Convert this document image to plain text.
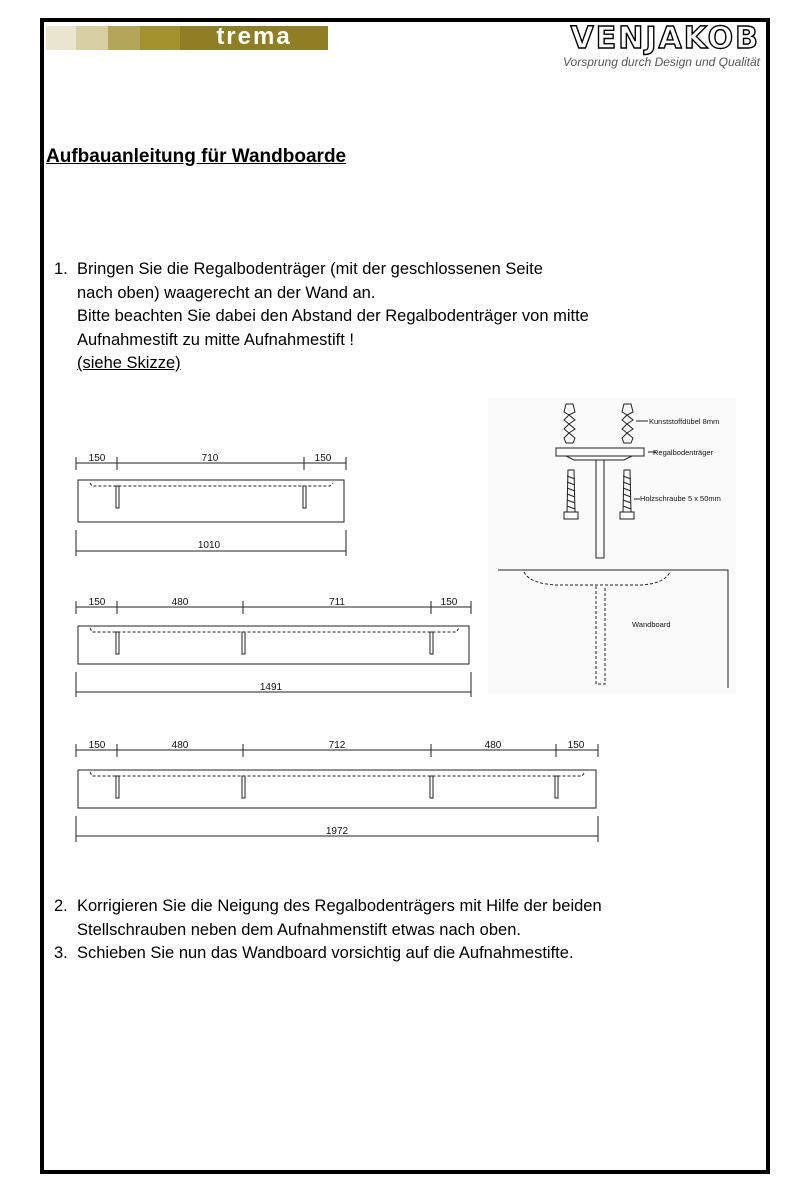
trema	VENJAKOB
Vorsprung durch Design und Qualität
Aufbauanleitung für Wandboarde
1. Bringen Sie die Regalbodenträger (mit der geschlossenen Seite
nach oben) waagerecht an der Wand an.
Bitte beachten Sie dabei den Abstand der Regalbodenträger von mitte
Aufnahmestift zu mitte Aufnahmestift !
(siehe Skizze)
150	710	150
1010
150	480	711	150
1491
150	480	712	480	150
1972
Kunststoffdübel 8mm
Regalbodenträger
Holzschraube 5 x 50mm
Wandboard
2. Korrigieren Sie die Neigung des Regalbodenträgers mit Hilfe der beiden
Stellschrauben neben dem Aufnahmenstift etwas nach oben.
3. Schieben Sie nun das Wandboard vorsichtig auf die Aufnahmestifte.
